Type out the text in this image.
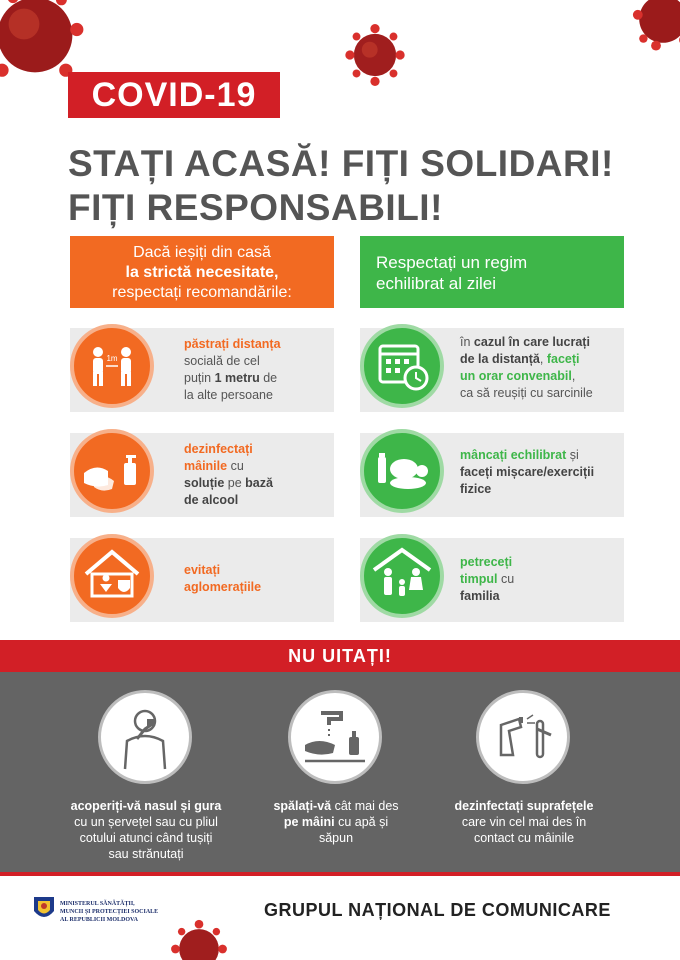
COVID-19
STAȚI ACASĂ! FIȚI SOLIDARI!
FIȚI RESPONSABILI!
Dacă ieșiți din casă
la strictă necesitate,
respectați recomandările:
Respectați un regim
echilibrat al zilei
păstrați distanța
socială de cel
puțin 1 metru de
la alte persoane
1m
dezinfectați
mâinile cu
soluție pe bază
de alcool
evitați
aglomerațiile
în cazul în care lucrați
de la distanță, faceți
un orar convenabil,
ca să reușiți cu sarcinile
mâncați echilibrat și
faceți mișcare/exerciții
fizice
petreceți
timpul cu
familia
NU UITAȚI!
acoperiți-vă nasul și gura
cu un șervețel sau cu pliul
cotului atunci când tușiți
sau strănutați
spălați-vă cât mai des
pe mâini cu apă și
săpun
dezinfectați suprafețele
care vin cel mai des în
contact cu mâinile
MINISTERUL SĂNĂTĂȚII,
MUNCII ȘI PROTECȚIEI SOCIALE
AL REPUBLICII MOLDOVA	GRUPUL NAȚIONAL DE COMUNICARE
